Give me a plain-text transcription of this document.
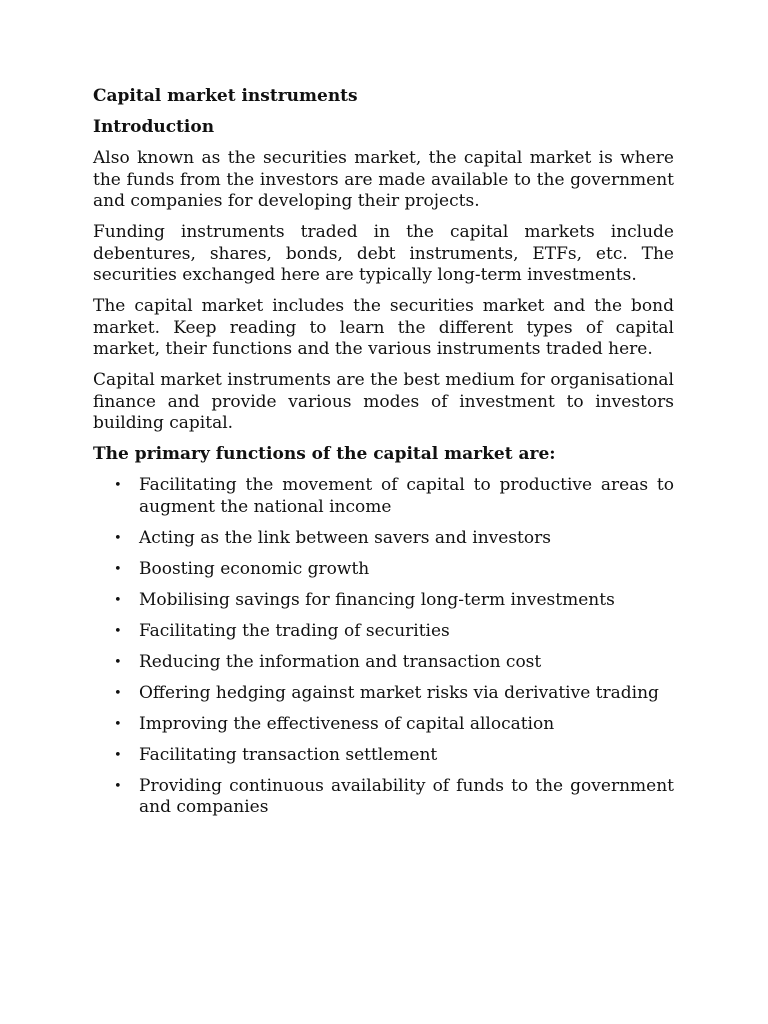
Capital market instruments
Introduction

Also known as the securities market, the capital market is where the funds from the investors are made available to the government and companies for developing their projects.

Funding instruments traded in the capital markets include debentures, shares, bonds, debt instruments, ETFs, etc. The securities exchanged here are typically long-term investments.

The capital market includes the securities market and the bond market. Keep reading to learn the different types of capital market, their functions and the various instruments traded here.

Capital market instruments are the best medium for organisational finance and provide various modes of investment to investors building capital.

The primary functions of the capital market are:
• Facilitating the movement of capital to productive areas to augment the national income
• Acting as the link between savers and investors
• Boosting economic growth
• Mobilising savings for financing long-term investments
• Facilitating the trading of securities
• Reducing the information and transaction cost
• Offering hedging against market risks via derivative trading
• Improving the effectiveness of capital allocation
• Facilitating transaction settlement
• Providing continuous availability of funds to the government and companies
